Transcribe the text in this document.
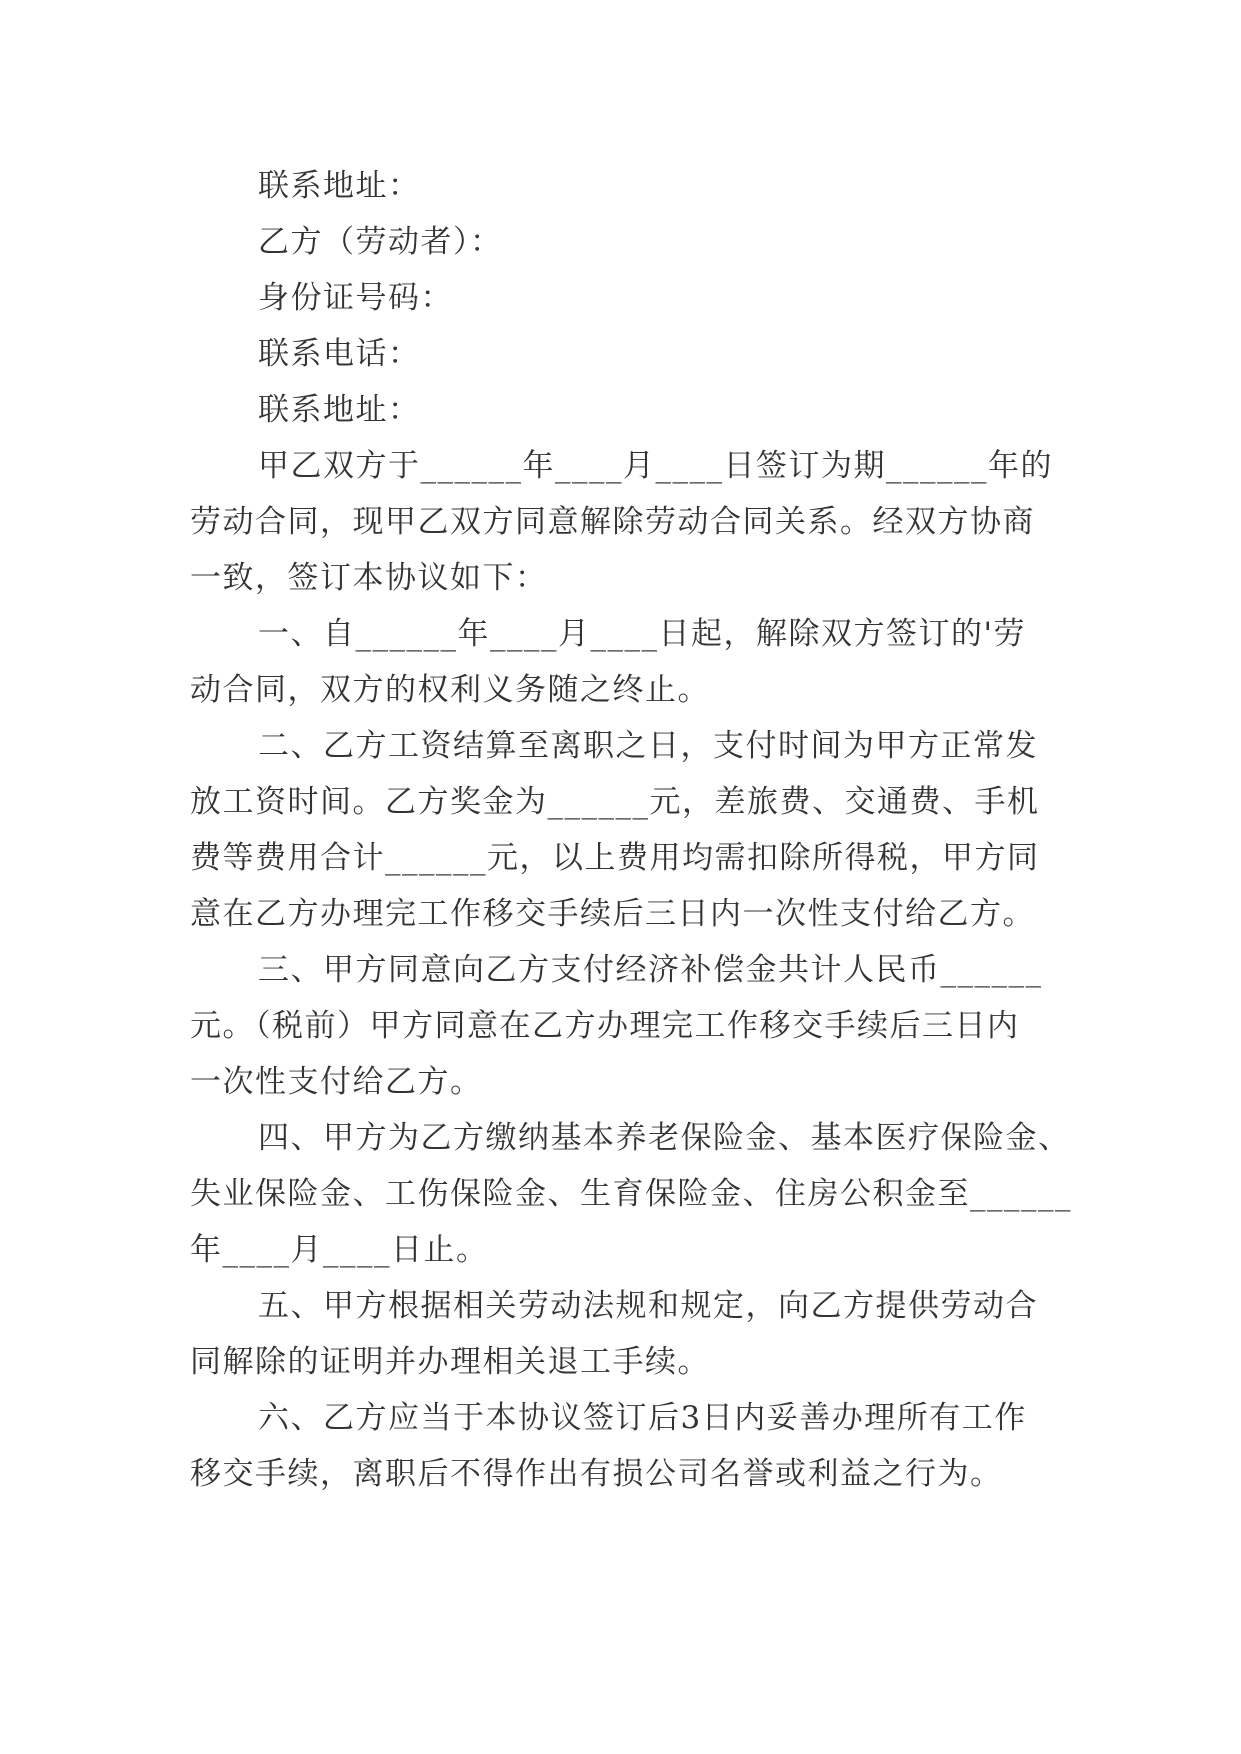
联系地址：
乙方（劳动者）：
身份证号码：
联系电话：
联系地址：
甲乙双方于______年____月____日签订为期______年的
劳动合同，现甲乙双方同意解除劳动合同关系。经双方协商
一致，签订本协议如下：
一、自______年____月____日起，解除双方签订的'劳
动合同，双方的权利义务随之终止。
二、乙方工资结算至离职之日，支付时间为甲方正常发
放工资时间。乙方奖金为______元，差旅费、交通费、手机
费等费用合计______元，以上费用均需扣除所得税，甲方同
意在乙方办理完工作移交手续后三日内一次性支付给乙方。
三、甲方同意向乙方支付经济补偿金共计人民币______
元。（税前）甲方同意在乙方办理完工作移交手续后三日内
一次性支付给乙方。
四、甲方为乙方缴纳基本养老保险金、基本医疗保险金、
失业保险金、工伤保险金、生育保险金、住房公积金至______
年____月____日止。
五、甲方根据相关劳动法规和规定，向乙方提供劳动合
同解除的证明并办理相关退工手续。
六、乙方应当于本协议签订后3日内妥善办理所有工作
移交手续，离职后不得作出有损公司名誉或利益之行为。
